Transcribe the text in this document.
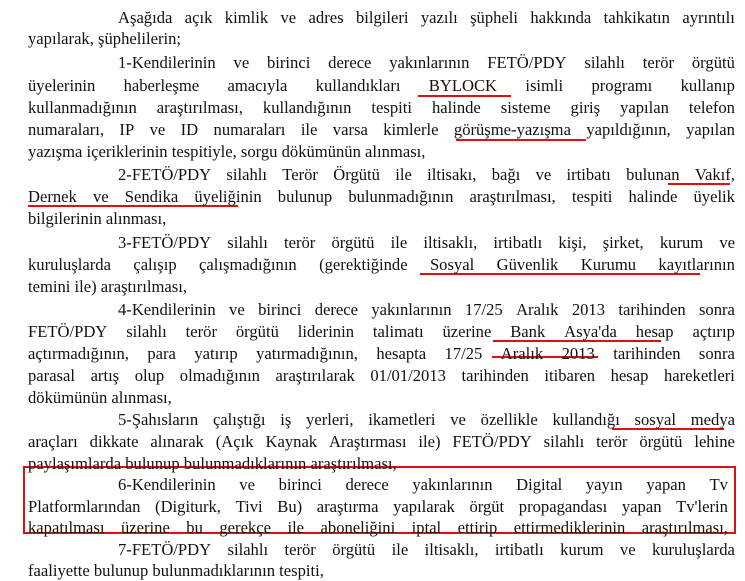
Aşağıda açık kimlik ve adres bilgileri yazılı şüpheli hakkında tahkikatın ayrıntılı
yapılarak, şüphelilerin;
1-Kendilerinin ve birinci derece yakınlarının FETÖ/PDY silahlı terör örgütü
üyelerinin haberleşme amacıyla kullandıkları BYLOCK isimli programı kullanıp
kullanmadığının araştırılması, kullandığının tespiti halinde sisteme giriş yapılan telefon
numaraları, IP ve ID numaraları ile varsa kimlerle görüşme-yazışma yapıldığının, yapılan
yazışma içeriklerinin tespitiyle, sorgu dökümünün alınması,
2-FETÖ/PDY silahlı Terör Örgütü ile iltisakı, bağı ve irtibatı bulunan Vakıf,
Dernek ve Sendika üyeliğinin bulunup bulunmadığının araştırılması, tespiti halinde üyelik
bilgilerinin alınması,
3-FETÖ/PDY silahlı terör örgütü ile iltisaklı, irtibatlı kişi, şirket, kurum ve
kuruluşlarda çalışıp çalışmadığının (gerektiğinde Sosyal Güvenlik Kurumu kayıtlarının
temini ile) araştırılması,
4-Kendilerinin ve birinci derece yakınlarının 17/25 Aralık 2013 tarihinden sonra
FETÖ/PDY silahlı terör örgütü liderinin talimatı üzerine Bank Asya'da hesap açtırıp
açtırmadığının, para yatırıp yatırmadığının, hesapta 17/25 Aralık 2013 tarihinden sonra
parasal artış olup olmadığının araştırılarak 01/01/2013 tarihinden itibaren hesap hareketleri
dökümünün alınması,
5-Şahısların çalıştığı iş yerleri, ikametleri ve özellikle kullandığı sosyal medya
araçları dikkate alınarak (Açık Kaynak Araştırması ile) FETÖ/PDY silahlı terör örgütü lehine
paylaşımlarda bulunup bulunmadıklarının araştırılması,
6-Kendilerinin ve birinci derece yakınlarının Digital yayın yapan Tv
Platformlarından (Digiturk, Tivi Bu) araştırma yapılarak örgüt propagandası yapan Tv'lerin
kapatılması üzerine bu gerekçe ile aboneliğini iptal ettirip ettirmediklerinin araştırılması,
7-FETÖ/PDY silahlı terör örgütü ile iltisaklı, irtibatlı kurum ve kuruluşlarda
faaliyette bulunup bulunmadıklarının tespiti,
